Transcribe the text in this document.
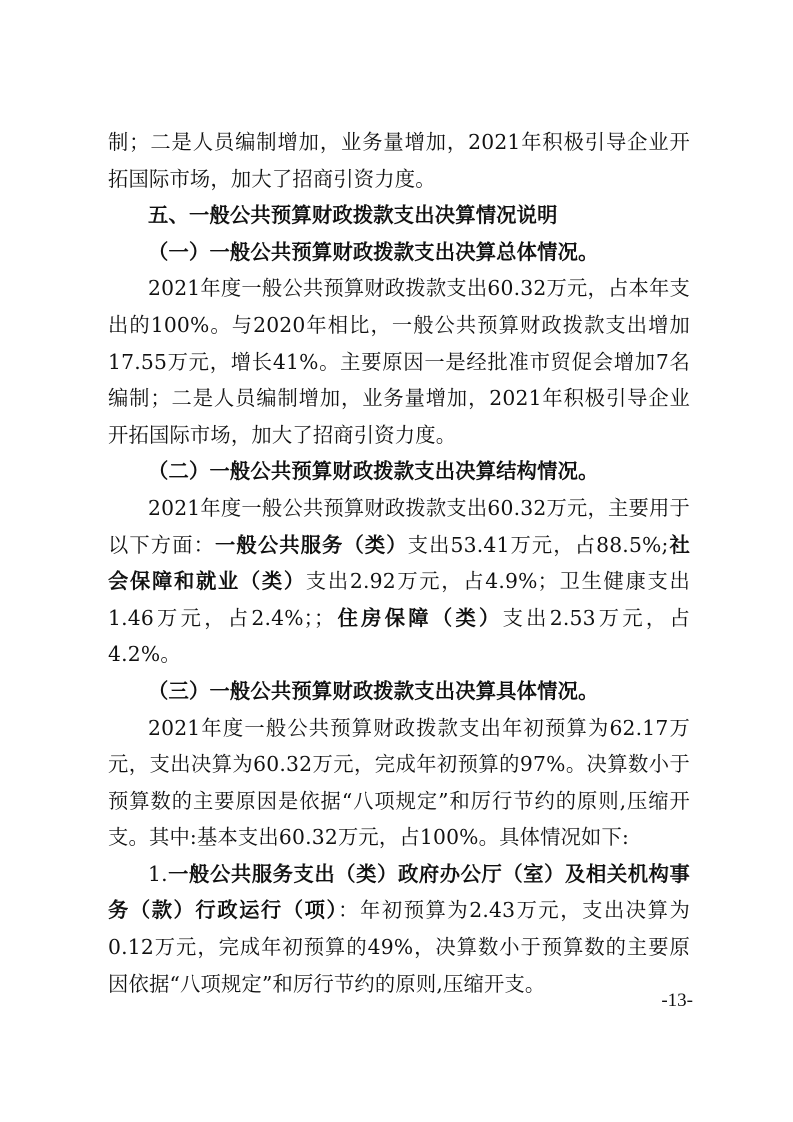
制；二是人员编制增加，业务量增加，2021年积极引导企业开拓国际市场，加大了招商引资力度。

五、一般公共预算财政拨款支出决算情况说明

（一）一般公共预算财政拨款支出决算总体情况。

2021年度一般公共预算财政拨款支出60.32万元，占本年支出的100%。与2020年相比，一般公共预算财政拨款支出增加17.55万元，增长41%。主要原因一是经批准市贸促会增加7名编制；二是人员编制增加，业务量增加，2021年积极引导企业开拓国际市场，加大了招商引资力度。

（二）一般公共预算财政拨款支出决算结构情况。

2021年度一般公共预算财政拨款支出60.32万元，主要用于以下方面：一般公共服务（类）支出53.41万元，占88.5%;社会保障和就业（类）支出2.92万元，占4.9%；卫生健康支出1.46万元，占2.4%；；住房保障（类）支出2.53万元，占4.2%。

（三）一般公共预算财政拨款支出决算具体情况。

2021年度一般公共预算财政拨款支出年初预算为62.17万元，支出决算为60.32万元，完成年初预算的97%。决算数小于预算数的主要原因是依据“八项规定”和厉行节约的原则,压缩开支。其中:基本支出60.32万元，占100%。具体情况如下:

1.一般公共服务支出（类）政府办公厅（室）及相关机构事务（款）行政运行（项）：年初预算为2.43万元，支出决算为0.12万元，完成年初预算的49%，决算数小于预算数的主要原因依据“八项规定”和厉行节约的原则,压缩开支。

-13-
